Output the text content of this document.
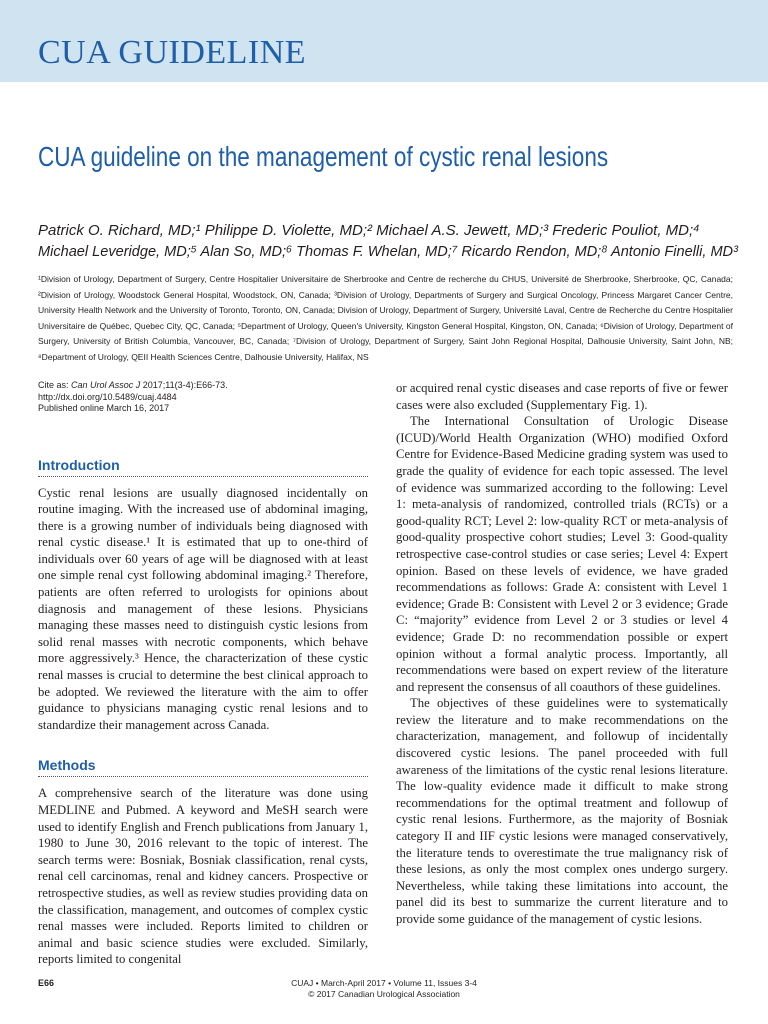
CUA GUIDELINE
CUA guideline on the management of cystic renal lesions
Patrick O. Richard, MD;¹ Philippe D. Violette, MD;² Michael A.S. Jewett, MD;³ Frederic Pouliot, MD;⁴
Michael Leveridge, MD;⁵ Alan So, MD;⁶ Thomas F. Whelan, MD;⁷ Ricardo Rendon, MD;⁸ Antonio Finelli, MD³
¹Division of Urology, Department of Surgery, Centre Hospitalier Universitaire de Sherbrooke and Centre de recherche du CHUS, Université de Sherbrooke, Sherbrooke, QC, Canada; ²Division of Urology, Woodstock General Hospital, Woodstock, ON, Canada; ³Division of Urology, Departments of Surgery and Surgical Oncology, Princess Margaret Cancer Centre, University Health Network and the University of Toronto, Toronto, ON, Canada; Division of Urology, Department of Surgery, Université Laval, Centre de Recherche du Centre Hospitalier Universitaire de Québec, Quebec City, QC, Canada; ⁵Department of Urology, Queen's University, Kingston General Hospital, Kingston, ON, Canada; ⁶Division of Urology, Department of Surgery, University of British Columbia, Vancouver, BC, Canada; ⁷Division of Urology, Department of Surgery, Saint John Regional Hospital, Dalhousie University, Saint John, NB; ⁸Department of Urology, QEII Health Sciences Centre, Dalhousie University, Halifax, NS
Cite as: Can Urol Assoc J 2017;11(3-4):E66-73. http://dx.doi.org/10.5489/cuaj.4484
Published online March 16, 2017
Introduction

Cystic renal lesions are usually diagnosed incidentally on routine imaging. With the increased use of abdominal imaging, there is a growing number of individuals being diagnosed with renal cystic disease.¹ It is estimated that up to one-third of individuals over 60 years of age will be diagnosed with at least one simple renal cyst following abdominal imaging.² Therefore, patients are often referred to urologists for opinions about diagnosis and management of these lesions. Physicians managing these masses need to distinguish cystic lesions from solid renal masses with necrotic components, which behave more aggressively.³ Hence, the characterization of these cystic renal masses is crucial to determine the best clinical approach to be adopted. We reviewed the literature with the aim to offer guidance to physicians managing cystic renal lesions and to standardize their management across Canada.

Methods

A comprehensive search of the literature was done using MEDLINE and Pubmed. A keyword and MeSH search were used to identify English and French publications from January 1, 1980 to June 30, 2016 relevant to the topic of interest. The search terms were: Bosniak, Bosniak classification, renal cysts, renal cell carcinomas, renal and kidney cancers. Prospective or retrospective studies, as well as review studies providing data on the classification, management, and outcomes of complex cystic renal masses were included. Reports limited to children or animal and basic science studies were excluded. Similarly, reports limited to congenital

or acquired renal cystic diseases and case reports of five or fewer cases were also excluded (Supplementary Fig. 1).

The International Consultation of Urologic Disease (ICUD)/World Health Organization (WHO) modified Oxford Centre for Evidence-Based Medicine grading system was used to grade the quality of evidence for each topic assessed. The level of evidence was summarized according to the following: Level 1: meta-analysis of randomized, controlled trials (RCTs) or a good-quality RCT; Level 2: low-quality RCT or meta-analysis of good-quality prospective cohort studies; Level 3: Good-quality retrospective case-control studies or case series; Level 4: Expert opinion. Based on these levels of evidence, we have graded recommendations as follows: Grade A: consistent with Level 1 evidence; Grade B: Consistent with Level 2 or 3 evidence; Grade C: “majority” evidence from Level 2 or 3 studies or level 4 evidence; Grade D: no recommendation possible or expert opinion without a formal analytic process. Importantly, all recommendations were based on expert review of the literature and represent the consensus of all coauthors of these guidelines.

The objectives of these guidelines were to systematically review the literature and to make recommendations on the characterization, management, and followup of incidentally discovered cystic lesions. The panel proceeded with full awareness of the limitations of the cystic renal lesions literature. The low-quality evidence made it difficult to make strong recommendations for the optimal treatment and followup of cystic renal lesions. Furthermore, as the majority of Bosniak category II and IIF cystic lesions were managed conservatively, the literature tends to overestimate the true malignancy risk of these lesions, as only the most complex ones undergo surgery. Nevertheless, while taking these limitations into account, the panel did its best to summarize the current literature and to provide some guidance of the management of cystic lesions.

E66	CUAJ • March-April 2017 • Volume 11, Issues 3-4
© 2017 Canadian Urological Association
